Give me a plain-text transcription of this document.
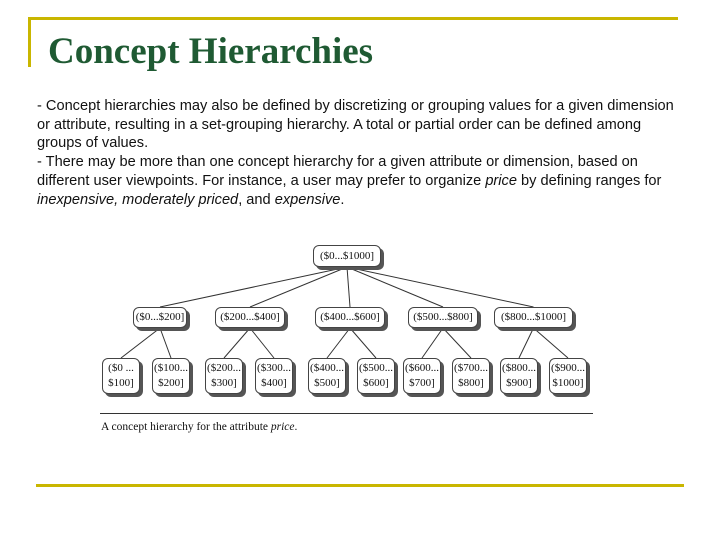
Concept Hierarchies

- Concept hierarchies may also be defined by discretizing or grouping values for a given dimension or attribute, resulting in a set-grouping hierarchy. A total or partial order can be defined among groups of values.

- There may be more than one concept hierarchy for a given attribute or dimension, based on different user viewpoints. For instance, a user may prefer to organize price by defining ranges for inexpensive, moderately priced, and expensive.

A concept hierarchy for the attribute price.
($0...$1000]
($0...$200]	($200...$400]	($400...$600]	($500...$800]	($800...$1000]
($0 ...
$100]
($100...
$200]
($200...
$300]
($300...
$400]
($400...
$500]
($500...
$600]
($600...
$700]
($700...
$800]
($800...
$900]
($900...
$1000]
